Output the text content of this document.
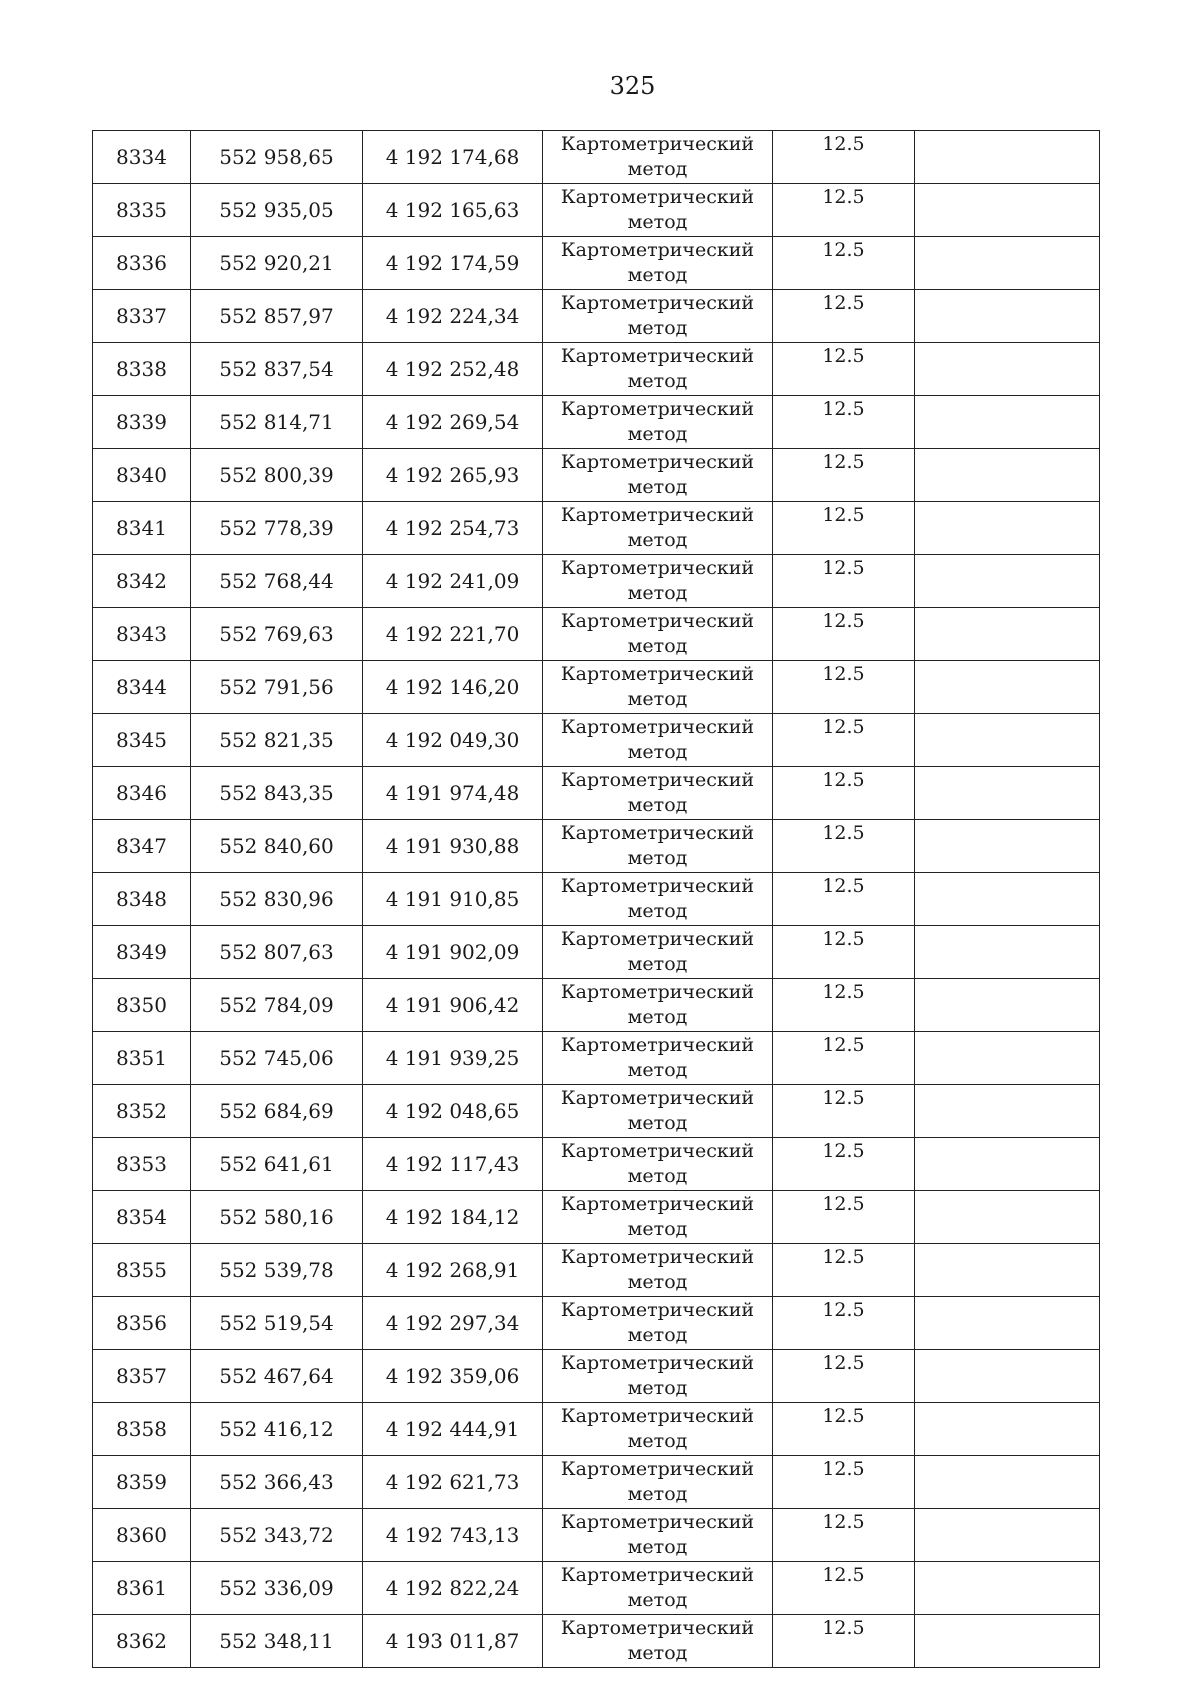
325
8334	552 958,65	4 192 174,68	Картометрический
метод	12.5	
8335	552 935,05	4 192 165,63	Картометрический
метод	12.5	
8336	552 920,21	4 192 174,59	Картометрический
метод	12.5	
8337	552 857,97	4 192 224,34	Картометрический
метод	12.5	
8338	552 837,54	4 192 252,48	Картометрический
метод	12.5	
8339	552 814,71	4 192 269,54	Картометрический
метод	12.5	
8340	552 800,39	4 192 265,93	Картометрический
метод	12.5	
8341	552 778,39	4 192 254,73	Картометрический
метод	12.5	
8342	552 768,44	4 192 241,09	Картометрический
метод	12.5	
8343	552 769,63	4 192 221,70	Картометрический
метод	12.5	
8344	552 791,56	4 192 146,20	Картометрический
метод	12.5	
8345	552 821,35	4 192 049,30	Картометрический
метод	12.5	
8346	552 843,35	4 191 974,48	Картометрический
метод	12.5	
8347	552 840,60	4 191 930,88	Картометрический
метод	12.5	
8348	552 830,96	4 191 910,85	Картометрический
метод	12.5	
8349	552 807,63	4 191 902,09	Картометрический
метод	12.5	
8350	552 784,09	4 191 906,42	Картометрический
метод	12.5	
8351	552 745,06	4 191 939,25	Картометрический
метод	12.5	
8352	552 684,69	4 192 048,65	Картометрический
метод	12.5	
8353	552 641,61	4 192 117,43	Картометрический
метод	12.5	
8354	552 580,16	4 192 184,12	Картометрический
метод	12.5	
8355	552 539,78	4 192 268,91	Картометрический
метод	12.5	
8356	552 519,54	4 192 297,34	Картометрический
метод	12.5	
8357	552 467,64	4 192 359,06	Картометрический
метод	12.5	
8358	552 416,12	4 192 444,91	Картометрический
метод	12.5	
8359	552 366,43	4 192 621,73	Картометрический
метод	12.5	
8360	552 343,72	4 192 743,13	Картометрический
метод	12.5	
8361	552 336,09	4 192 822,24	Картометрический
метод	12.5	
8362	552 348,11	4 193 011,87	Картометрический
метод	12.5	
